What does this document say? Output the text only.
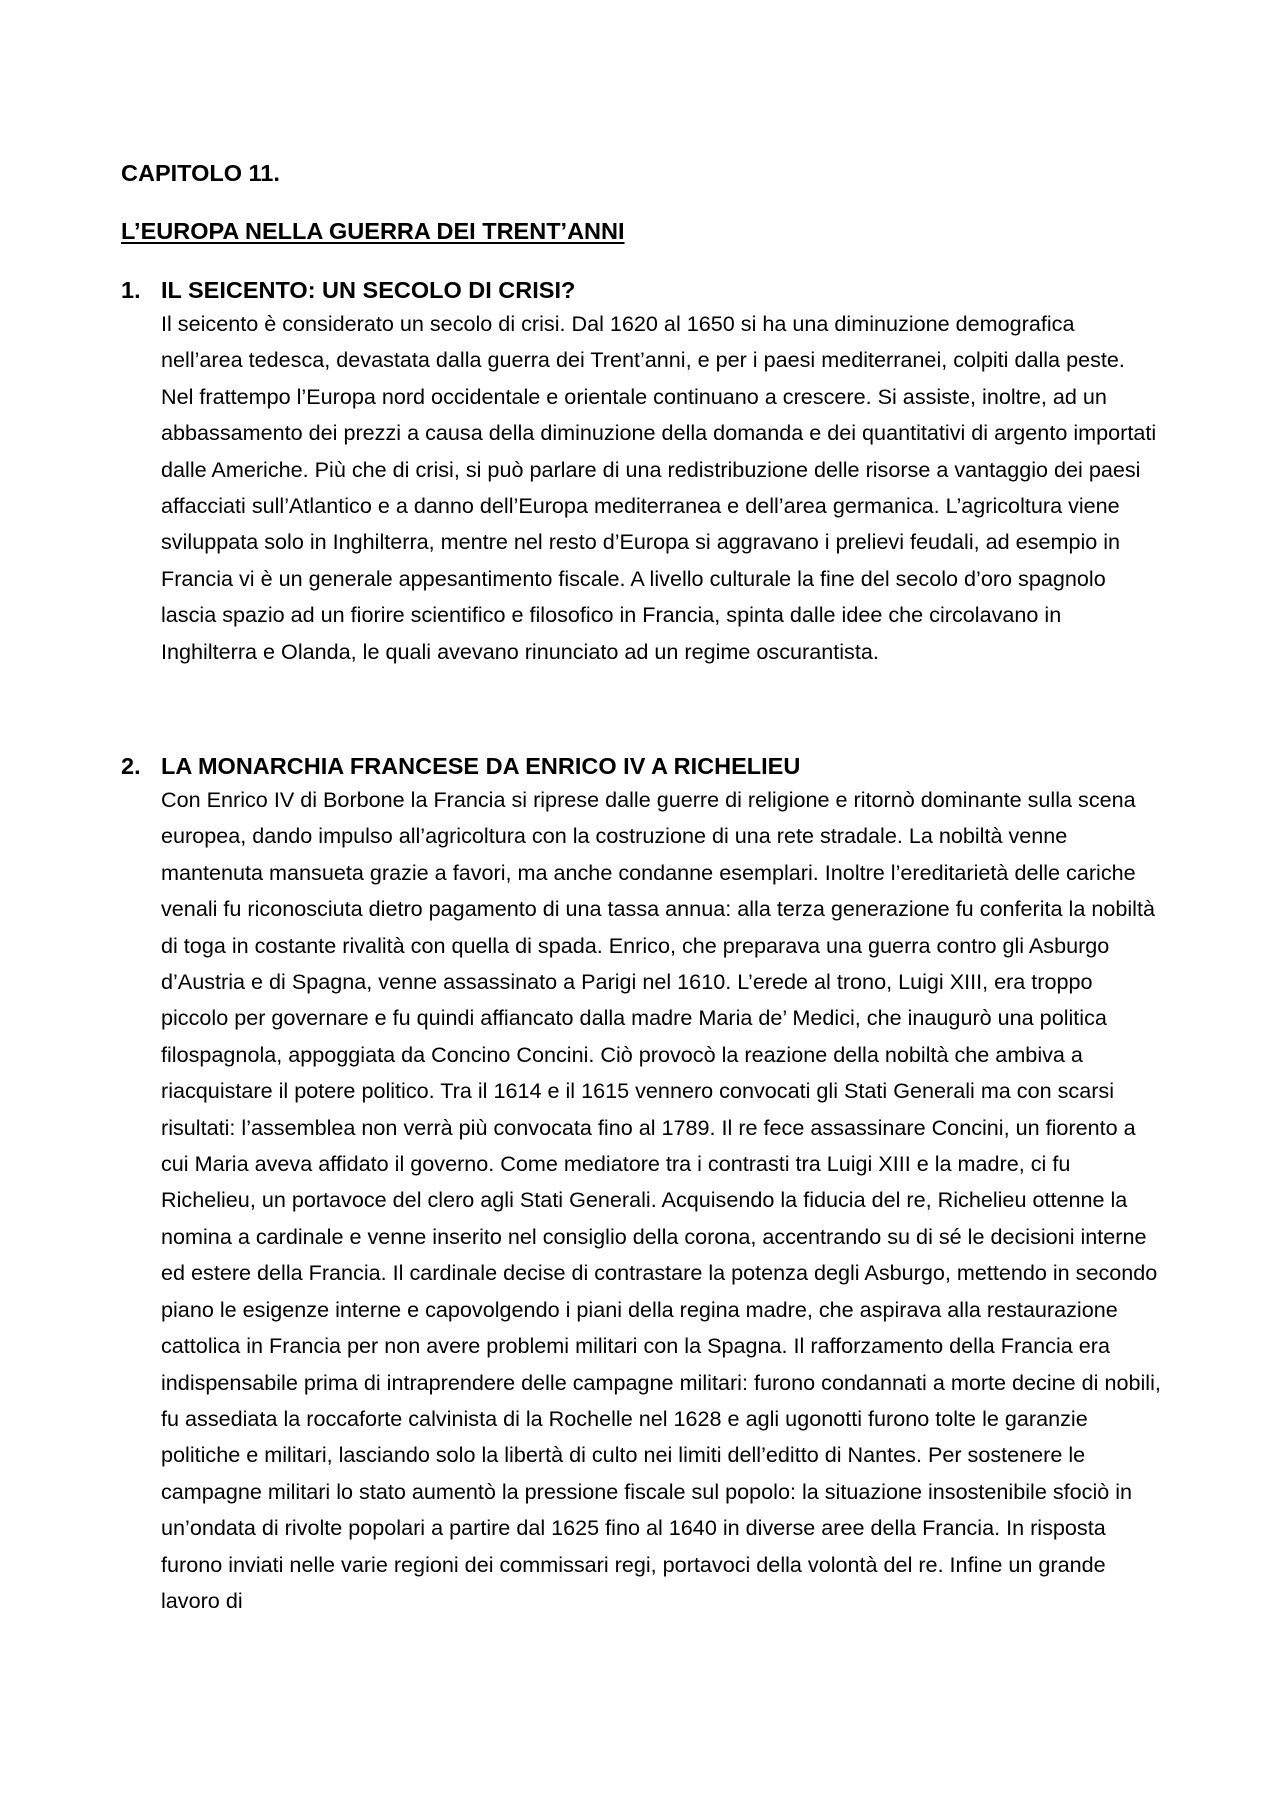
CAPITOLO 11.
L’EUROPA NELLA GUERRA DEI TRENT’ANNI
1. IL SEICENTO: UN SECOLO DI CRISI?

Il seicento è considerato un secolo di crisi. Dal 1620 al 1650 si ha una diminuzione demografica nell’area tedesca, devastata dalla guerra dei Trent’anni, e per i paesi mediterranei, colpiti dalla peste. Nel frattempo l’Europa nord occidentale e orientale continuano a crescere. Si assiste, inoltre, ad un abbassamento dei prezzi a causa della diminuzione della domanda e dei quantitativi di argento importati dalle Americhe. Più che di crisi, si può parlare di una redistribuzione delle risorse a vantaggio dei paesi affacciati sull’Atlantico e a danno dell’Europa mediterranea e dell’area germanica. L’agricoltura viene sviluppata solo in Inghilterra, mentre nel resto d’Europa si aggravano i prelievi feudali, ad esempio in Francia vi è un generale appesantimento fiscale. A livello culturale la fine del secolo d’oro spagnolo lascia spazio ad un fiorire scientifico e filosofico in Francia, spinta dalle idee che circolavano in Inghilterra e Olanda, le quali avevano rinunciato ad un regime oscurantista.

2. LA MONARCHIA FRANCESE DA ENRICO IV A RICHELIEU

Con Enrico IV di Borbone la Francia si riprese dalle guerre di religione e ritornò dominante sulla scena europea, dando impulso all’agricoltura con la costruzione di una rete stradale. La nobiltà venne mantenuta mansueta grazie a favori, ma anche condanne esemplari. Inoltre l’ereditarietà delle cariche venali fu riconosciuta dietro pagamento di una tassa annua: alla terza generazione fu conferita la nobiltà di toga in costante rivalità con quella di spada. Enrico, che preparava una guerra contro gli Asburgo d’Austria e di Spagna, venne assassinato a Parigi nel 1610. L’erede al trono, Luigi XIII, era troppo piccolo per governare e fu quindi affiancato dalla madre Maria de’ Medici, che inaugurò una politica filospagnola, appoggiata da Concino Concini. Ciò provocò la reazione della nobiltà che ambiva a riacquistare il potere politico. Tra il 1614 e il 1615 vennero convocati gli Stati Generali ma con scarsi risultati: l’assemblea non verrà più convocata fino al 1789. Il re fece assassinare Concini, un fiorento a cui Maria aveva affidato il governo. Come mediatore tra i contrasti tra Luigi XIII e la madre, ci fu Richelieu, un portavoce del clero agli Stati Generali. Acquisendo la fiducia del re, Richelieu ottenne la nomina a cardinale e venne inserito nel consiglio della corona, accentrando su di sé le decisioni interne ed estere della Francia. Il cardinale decise di contrastare la potenza degli Asburgo, mettendo in secondo piano le esigenze interne e capovolgendo i piani della regina madre, che aspirava alla restaurazione cattolica in Francia per non avere problemi militari con la Spagna. Il rafforzamento della Francia era indispensabile prima di intraprendere delle campagne militari: furono condannati a morte decine di nobili, fu assediata la roccaforte calvinista di la Rochelle nel 1628 e agli ugonotti furono tolte le garanzie politiche e militari, lasciando solo la libertà di culto nei limiti dell’editto di Nantes. Per sostenere le campagne militari lo stato aumentò la pressione fiscale sul popolo: la situazione insostenibile sfociò in un’ondata di rivolte popolari a partire dal 1625 fino al 1640 in diverse aree della Francia. In risposta furono inviati nelle varie regioni dei commissari regi, portavoci della volontà del re. Infine un grande lavoro di
